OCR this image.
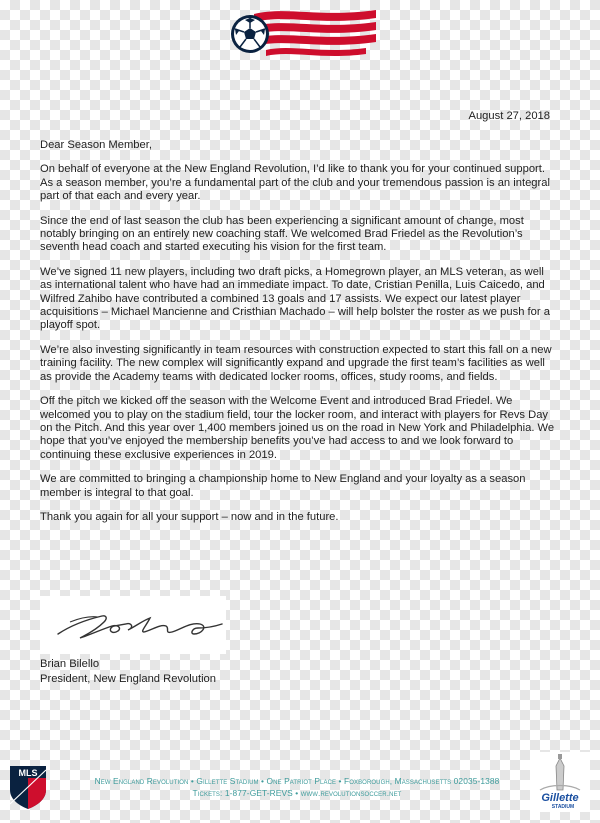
August 27, 2018

Dear Season Member,

On behalf of everyone at the New England Revolution, I’d like to thank you for your continued support. As a season member, you’re a fundamental part of the club and your tremendous passion is an integral part of that each and every year.

Since the end of last season the club has been experiencing a significant amount of change, most notably bringing on an entirely new coaching staff. We welcomed Brad Friedel as the Revolution’s seventh head coach and started executing his vision for the first team.

We’ve signed 11 new players, including two draft picks, a Homegrown player, an MLS veteran, as well as international talent who have had an immediate impact. To date, Cristian Penilla, Luis Caicedo, and Wilfred Zahibo have contributed a combined 13 goals and 17 assists. We expect our latest player acquisitions – Michael Mancienne and Cristhian Machado – will help bolster the roster as we push for a playoff spot.

We’re also investing significantly in team resources with construction expected to start this fall on a new training facility. The new complex will significantly expand and upgrade the first team’s facilities as well as provide the Academy teams with dedicated locker rooms, offices, study rooms, and fields.

Off the pitch we kicked off the season with the Welcome Event and introduced Brad Friedel. We welcomed you to play on the stadium field, tour the locker room, and interact with players for Revs Day on the Pitch. And this year over 1,400 members joined us on the road in New York and Philadelphia. We hope that you’ve enjoyed the membership benefits you’ve had access to and we look forward to continuing these exclusive experiences in 2019.

We are committed to bringing a championship home to New England and your loyalty as a season member is integral to that goal.

Thank you again for all your support – now and in the future.

Brian Bilello
President, New England Revolution
MLS
New England Revolution • Gillette Stadium • One Patriot Place • Foxborough, Massachusetts 02035-1388
Tickets: 1-877-GET-REVS • www.revolutionsoccer.net	Gillette
STADIUM
